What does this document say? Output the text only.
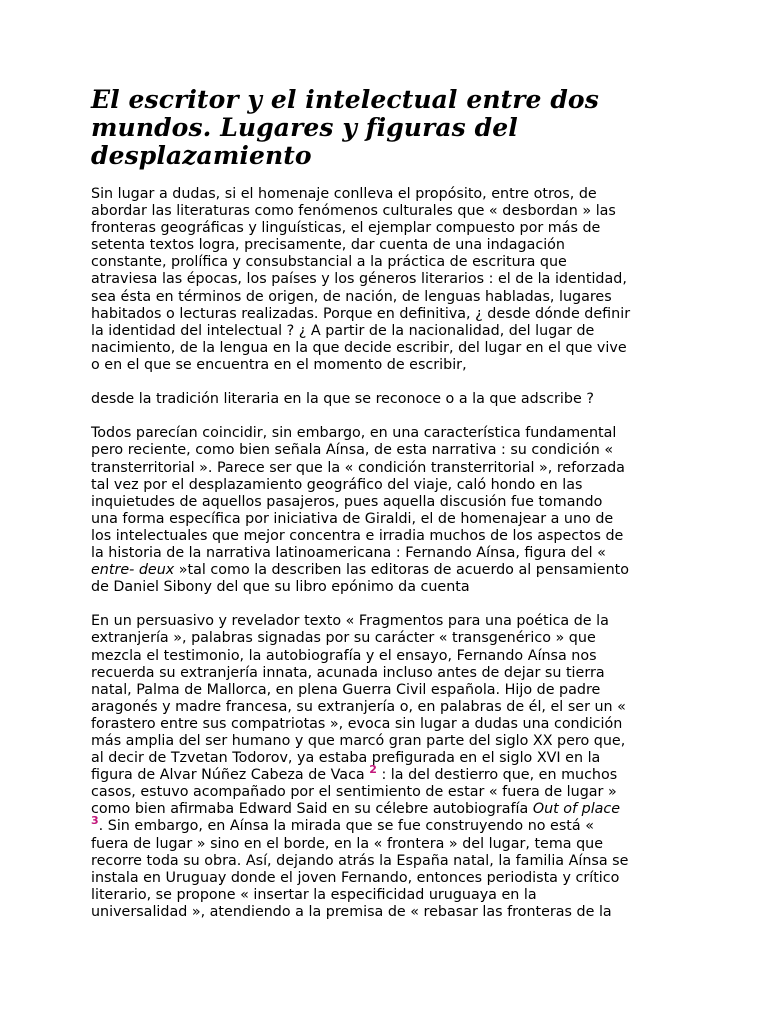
El escritor y el intelectual entre dos
mundos. Lugares y figuras del
desplazamiento
Sin lugar a dudas, si el homenaje conlleva el propósito, entre otros, de
abordar las literaturas como fenómenos culturales que « desbordan » las
fronteras geográficas y linguísticas, el ejemplar compuesto por más de
setenta textos logra, precisamente, dar cuenta de una indagación
constante, prolífica y consubstancial a la práctica de escritura que
atraviesa las épocas, los países y los géneros literarios : el de la identidad,
sea ésta en términos de origen, de nación, de lenguas habladas, lugares
habitados o lecturas realizadas. Porque en definitiva, ¿ desde dónde definir
la identidad del intelectual ? ¿ A partir de la nacionalidad, del lugar de
nacimiento, de la lengua en la que decide escribir, del lugar en el que vive
o en el que se encuentra en el momento de escribir,
desde la tradición literaria en la que se reconoce o a la que adscribe ?
Todos parecían coincidir, sin embargo, en una característica fundamental
pero reciente, como bien señala Aínsa, de esta narrativa : su condición «
transterritorial ». Parece ser que la « condición transterritorial », reforzada
tal vez por el desplazamiento geográfico del viaje, caló hondo en las
inquietudes de aquellos pasajeros, pues aquella discusión fue tomando
una forma específica por iniciativa de Giraldi, el de homenajear a uno de
los intelectuales que mejor concentra e irradia muchos de los aspectos de
la historia de la narrativa latinoamericana : Fernando Aínsa, figura del «
entre- deux »tal como la describen las editoras de acuerdo al pensamiento
de Daniel Sibony del que su libro epónimo da cuenta
En un persuasivo y revelador texto « Fragmentos para una poética de la
extranjería », palabras signadas por su carácter « transgenérico » que
mezcla el testimonio, la autobiografía y el ensayo, Fernando Aínsa nos
recuerda su extranjería innata, acunada incluso antes de dejar su tierra
natal, Palma de Mallorca, en plena Guerra Civil española. Hijo de padre
aragonés y madre francesa, su extranjería o, en palabras de él, el ser un «
forastero entre sus compatriotas », evoca sin lugar a dudas una condición
más amplia del ser humano y que marcó gran parte del siglo XX pero que,
al decir de Tzvetan Todorov, ya estaba prefigurada en el siglo XVI en la
figura de Alvar Núñez Cabeza de Vaca $^2$ : la del destierro que, en muchos
casos, estuvo acompañado por el sentimiento de estar « fuera de lugar »
como bien afirmaba Edward Said en su célebre autobiografía Out of place
$^3$. Sin embargo, en Aínsa la mirada que se fue construyendo no está «
fuera de lugar » sino en el borde, en la « frontera » del lugar, tema que
recorre toda su obra. Así, dejando atrás la España natal, la familia Aínsa se
instala en Uruguay donde el joven Fernando, entonces periodista y crítico
literario, se propone « insertar la especificidad uruguaya en la
universalidad », atendiendo a la premisa de « rebasar las fronteras de la
